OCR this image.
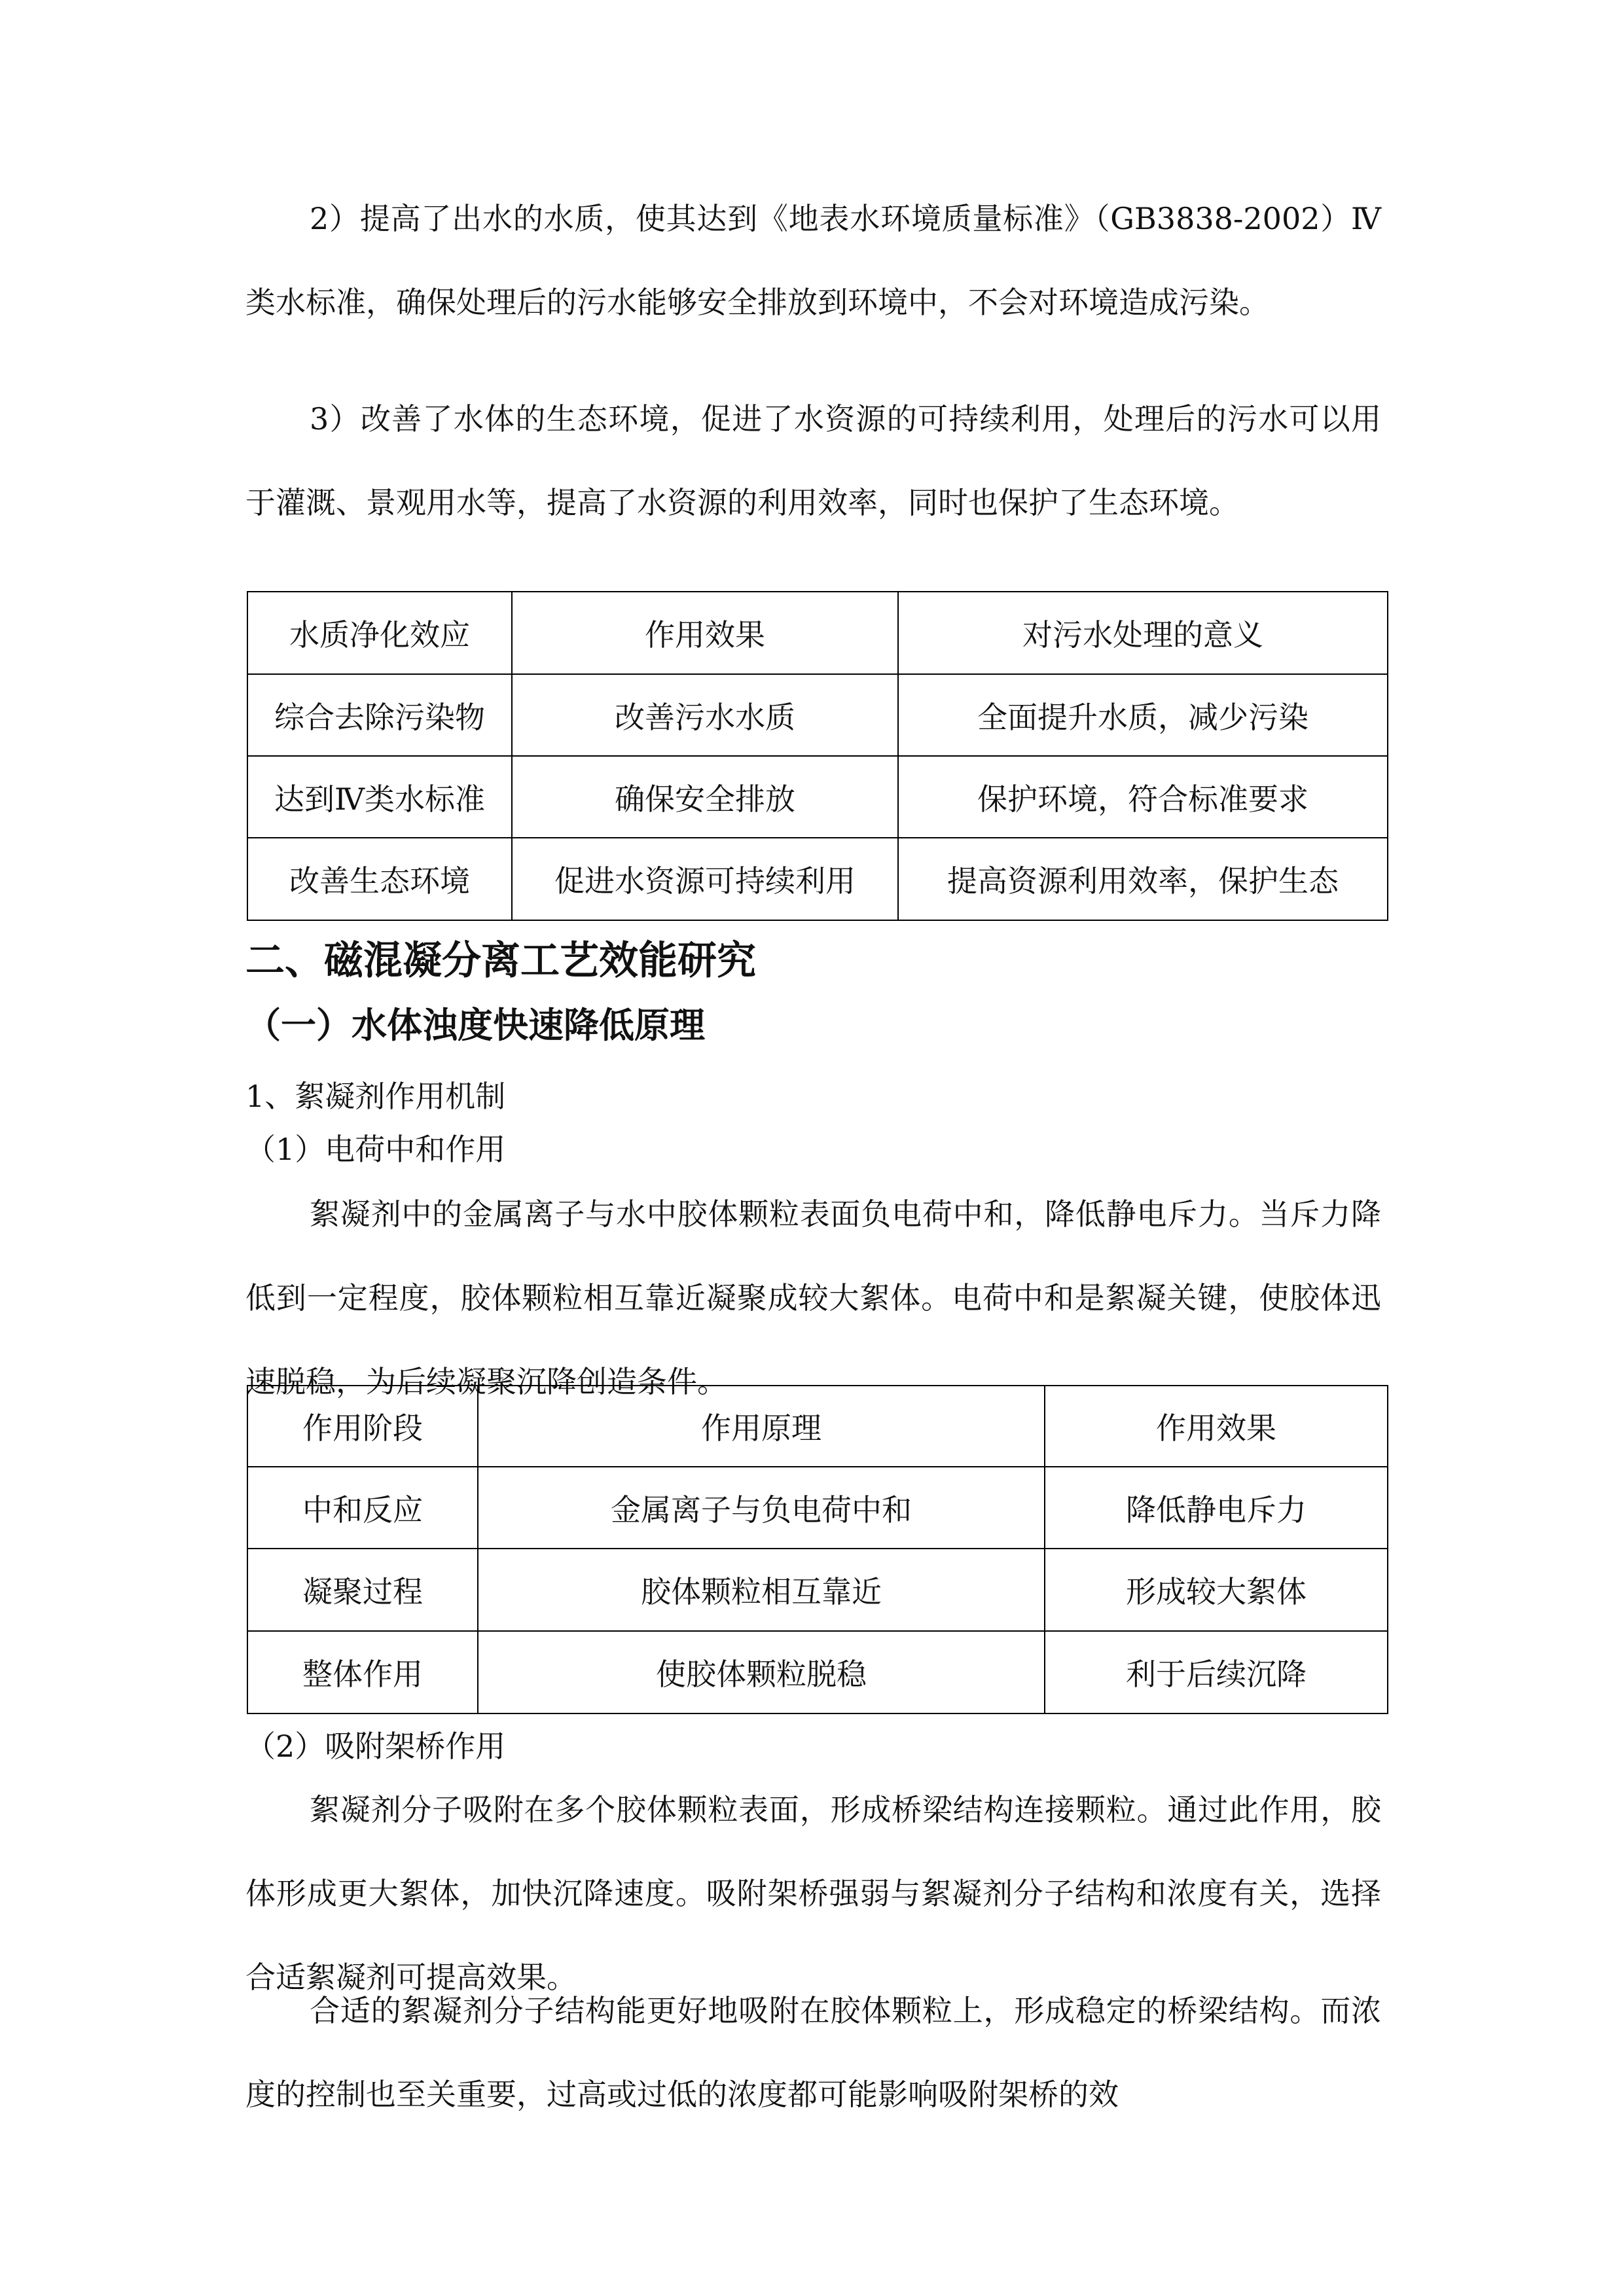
2）提高了出水的水质，使其达到《地表水环境质量标准》（GB3838-2002）Ⅳ类水标准，确保处理后的污水能够安全排放到环境中，不会对环境造成污染。

3）改善了水体的生态环境，促进了水资源的可持续利用，处理后的污水可以用于灌溉、景观用水等，提高了水资源的利用效率，同时也保护了生态环境。

水质净化效应	作用效果	对污水处理的意义
综合去除污染物	改善污水水质	全面提升水质，减少污染
达到Ⅳ类水标准	确保安全排放	保护环境，符合标准要求
改善生态环境	促进水资源可持续利用	提高资源利用效率，保护生态
二、磁混凝分离工艺效能研究
（一）水体浊度快速降低原理

1、絮凝剂作用机制

（1）电荷中和作用

絮凝剂中的金属离子与水中胶体颗粒表面负电荷中和，降低静电斥力。当斥力降低到一定程度，胶体颗粒相互靠近凝聚成较大絮体。电荷中和是絮凝关键，使胶体迅速脱稳，为后续凝聚沉降创造条件。

作用阶段	作用原理	作用效果
中和反应	金属离子与负电荷中和	降低静电斥力
凝聚过程	胶体颗粒相互靠近	形成较大絮体
整体作用	使胶体颗粒脱稳	利于后续沉降

（2）吸附架桥作用

絮凝剂分子吸附在多个胶体颗粒表面，形成桥梁结构连接颗粒。通过此作用，胶体形成更大絮体，加快沉降速度。吸附架桥强弱与絮凝剂分子结构和浓度有关，选择合适絮凝剂可提高效果。

合适的絮凝剂分子结构能更好地吸附在胶体颗粒上，形成稳定的桥梁结构。而浓度的控制也至关重要，过高或过低的浓度都可能影响吸附架桥的效
